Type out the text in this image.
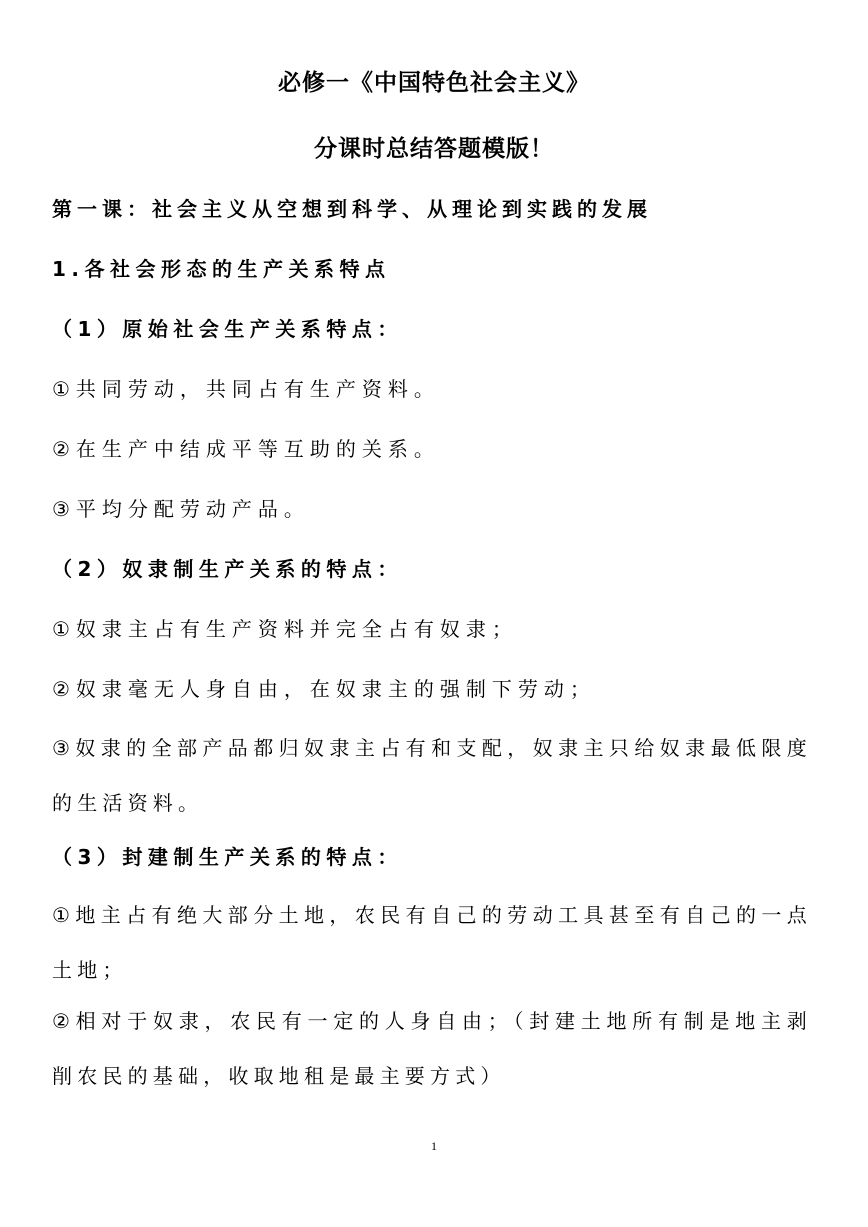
必修一《中国特色社会主义》
分课时总结答题模版！
第一课：社会主义从空想到科学、从理论到实践的发展
1.各社会形态的生产关系特点
（1）原始社会生产关系特点：
①共同劳动，共同占有生产资料。
②在生产中结成平等互助的关系。
③平均分配劳动产品。
（2）奴隶制生产关系的特点：
①奴隶主占有生产资料并完全占有奴隶；
②奴隶毫无人身自由，在奴隶主的强制下劳动；
③奴隶的全部产品都归奴隶主占有和支配，奴隶主只给奴隶最低限度的生活资料。
（3）封建制生产关系的特点：
①地主占有绝大部分土地，农民有自己的劳动工具甚至有自己的一点土地；
②相对于奴隶，农民有一定的人身自由；（封建土地所有制是地主剥削农民的基础，收取地租是最主要方式）
1
